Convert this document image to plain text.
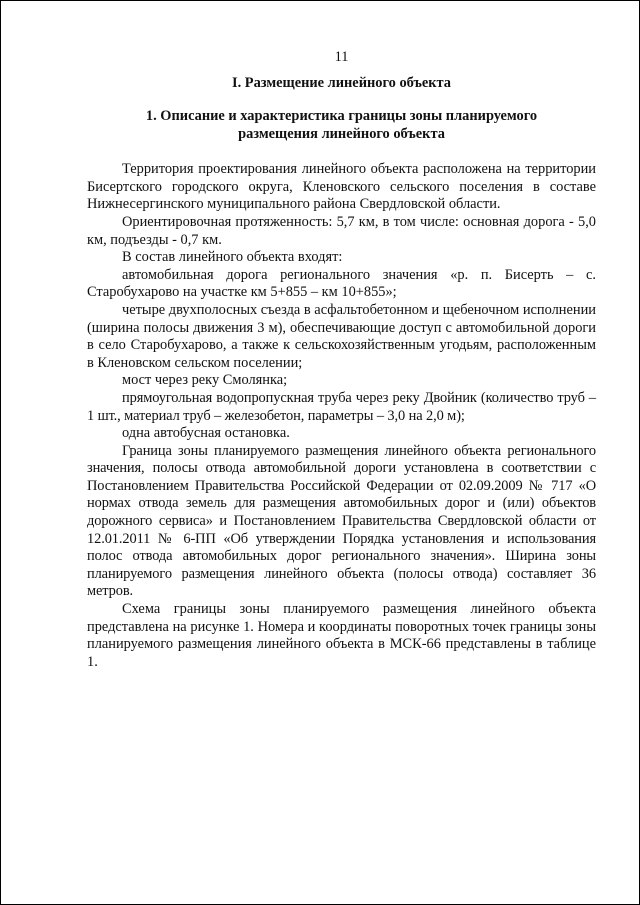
11
I. Размещение линейного объекта
1. Описание и характеристика границы зоны планируемого размещения линейного объекта

Территория проектирования линейного объекта расположена на территории Бисертского городского округа, Кленовского сельского поселения в составе Нижнесергинского муниципального района Свердловской области.

Ориентировочная протяженность: 5,7 км, в том числе: основная дорога - 5,0 км, подъезды - 0,7 км.

В состав линейного объекта входят:

автомобильная дорога регионального значения «р. п. Бисерть – с. Старобухарово на участке км 5+855 – км 10+855»;

четыре двухполосных съезда в асфальтобетонном и щебеночном исполнении (ширина полосы движения 3 м), обеспечивающие доступ с автомобильной дороги в село Старобухарово, а также к сельскохозяйственным угодьям, расположенным в Кленовском сельском поселении;

мост через реку Смолянка;

прямоугольная водопропускная труба через реку Двойник (количество труб – 1 шт., материал труб – железобетон, параметры – 3,0 на 2,0 м);

одна автобусная остановка.

Граница зоны планируемого размещения линейного объекта регионального значения, полосы отвода автомобильной дороги установлена в соответствии с Постановлением Правительства Российской Федерации от 02.09.2009 № 717 «О нормах отвода земель для размещения автомобильных дорог и (или) объектов дорожного сервиса» и Постановлением Правительства Свердловской области от 12.01.2011 № 6-ПП «Об утверждении Порядка установления и использования полос отвода автомобильных дорог регионального значения». Ширина зоны планируемого размещения линейного объекта (полосы отвода) составляет 36 метров.

Схема границы зоны планируемого размещения линейного объекта представлена на рисунке 1. Номера и координаты поворотных точек границы зоны планируемого размещения линейного объекта в МСК-66 представлены в таблице 1.
